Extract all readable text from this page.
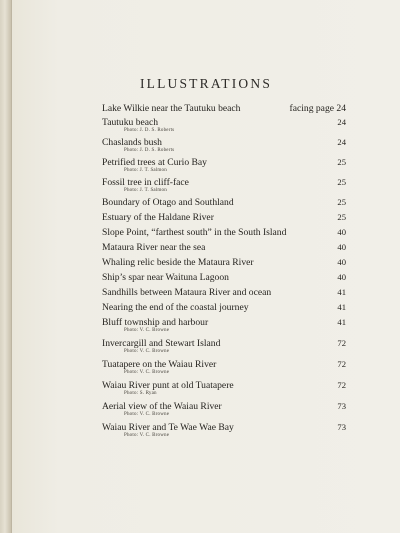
ILLUSTRATIONS
Lake Wilkie near the Tautuku beach	facing page 24
Tautuku beach	24
Photo: J. D. S. Roberts
Chaslands bush	24
Photo: J. D. S. Roberts
Petrified trees at Curio Bay	25
Photo: J. T. Salmon
Fossil tree in cliff-face	25
Photo: J. T. Salmon
Boundary of Otago and Southland	25
Estuary of the Haldane River	25
Slope Point, “farthest south” in the South Island	40
Mataura River near the sea	40
Whaling relic beside the Mataura River	40
Ship’s spar near Waituna Lagoon	40
Sandhills between Mataura River and ocean	41
Nearing the end of the coastal journey	41
Bluff township and harbour	41
Photo: V. C. Browne
Invercargill and Stewart Island	72
Photo: V. C. Browne
Tuatapere on the Waiau River	72
Photo: V. C. Browne
Waiau River punt at old Tuatapere	72
Photo: S. Ryan
Aerial view of the Waiau River	73
Photo: V. C. Browne
Waiau River and Te Wae Wae Bay	73
Photo: V. C. Browne
